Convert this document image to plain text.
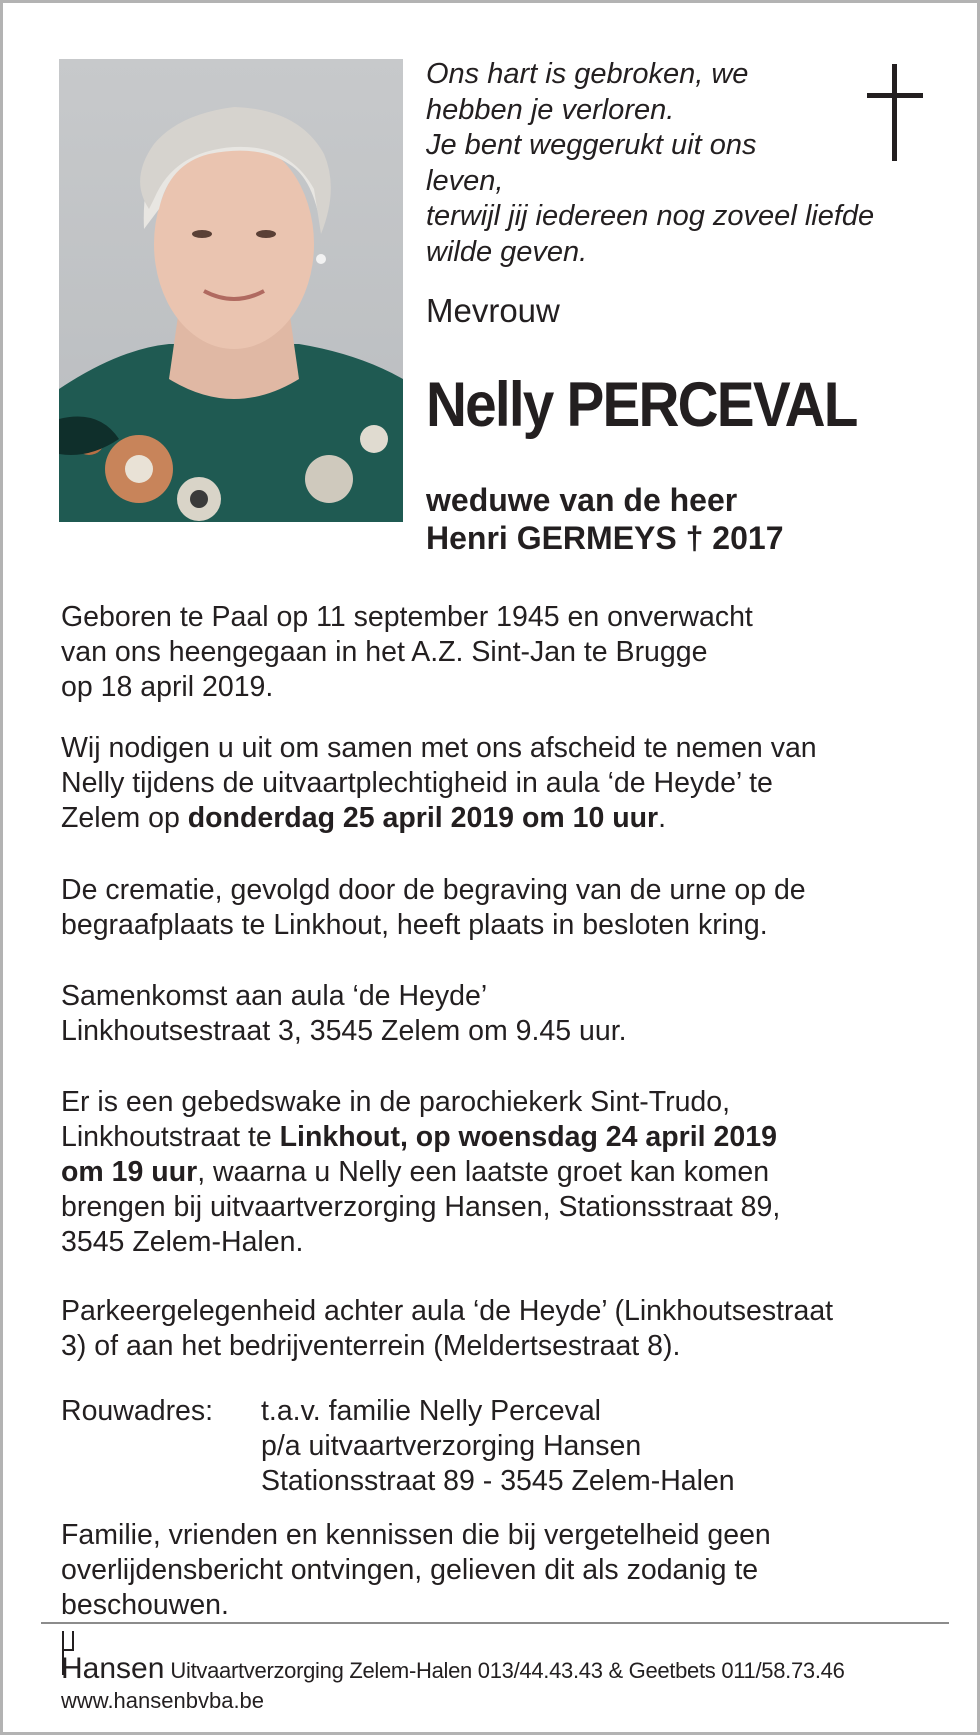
Ons hart is gebroken, we
hebben je verloren.
Je bent weggerukt uit ons
leven,
terwijl jij iedereen nog zoveel liefde
wilde geven.
Mevrouw
Nelly PERCEVAL
weduwe van de heer
Henri GERMEYS † 2017
Geboren te Paal op 11 september 1945 en onverwacht
van ons heengegaan in het A.Z. Sint-Jan te Brugge
op 18 april 2019.
Wij nodigen u uit om samen met ons afscheid te nemen van
Nelly tijdens de uitvaartplechtigheid in aula ‘de Heyde’ te
Zelem op donderdag 25 april 2019 om 10 uur.
De crematie, gevolgd door de begraving van de urne op de
begraafplaats te Linkhout, heeft plaats in besloten kring.
Samenkomst aan aula ‘de Heyde’
Linkhoutsestraat 3, 3545 Zelem om 9.45 uur.
Er is een gebedswake in de parochiekerk Sint-Trudo,
Linkhoutstraat te Linkhout, op woensdag 24 april 2019
om 19 uur, waarna u Nelly een laatste groet kan komen
brengen bij uitvaartverzorging Hansen, Stationsstraat 89,
3545 Zelem-Halen.
Parkeergelegenheid achter aula ‘de Heyde’ (Linkhoutsestraat
3) of aan het bedrijventerrein (Meldertsestraat 8).
Rouwadres: t.a.v. familie Nelly Perceval
p/a uitvaartverzorging Hansen
Stationsstraat 89 - 3545 Zelem-Halen
Familie, vrienden en kennissen die bij vergetelheid geen
overlijdensbericht ontvingen, gelieven dit als zodanig te
beschouwen.
Hansen Uitvaartverzorging Zelem-Halen 013/44.43.43 & Geetbets 011/58.73.46
www.hansenbvba.be
